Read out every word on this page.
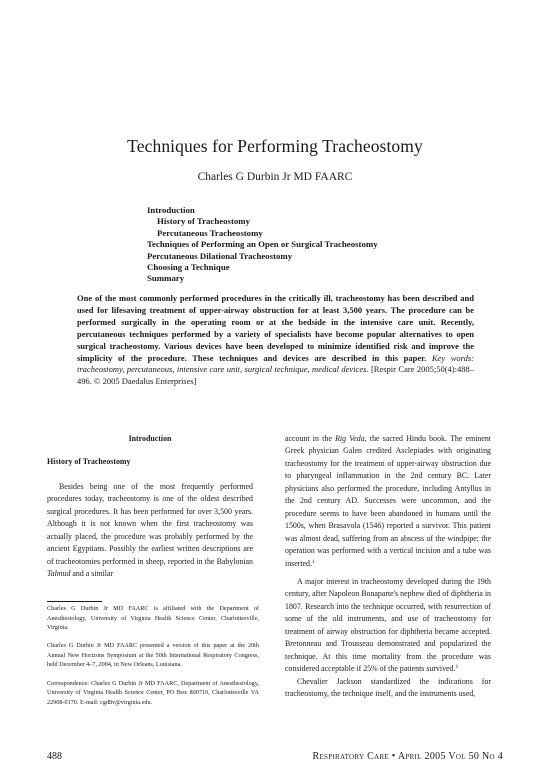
Techniques for Performing Tracheostomy
Charles G Durbin Jr MD FAARC
Introduction
History of Tracheostomy
Percutaneous Tracheostomy
Techniques of Performing an Open or Surgical Tracheostomy
Percutaneous Dilational Tracheostomy
Choosing a Technique
Summary
One of the most commonly performed procedures in the critically ill, tracheostomy has been described and used for lifesaving treatment of upper-airway obstruction for at least 3,500 years. The procedure can be performed surgically in the operating room or at the bedside in the intensive care unit. Recently, percutaneous techniques performed by a variety of specialists have become popular alternatives to open surgical tracheostomy. Various devices have been developed to minimize identified risk and improve the simplicity of the procedure. These techniques and devices are described in this paper. Key words: tracheostomy, percutaneous, intensive care unit, surgical technique, medical devices. [Respir Care 2005;50(4):488–496. © 2005 Daedalus Enterprises]
Introduction
History of Tracheostomy

Besides being one of the most frequently performed procedures today, tracheostomy is one of the oldest described surgical procedures. It has been performed for over 3,500 years. Although it is not known when the first tracheostomy was actually placed, the procedure was probably performed by the ancient Egyptians. Possibly the earliest written descriptions are of tracheotomies performed in sheep, reported in the Babylonian Talmud and a similar

account in the Rig Veda, the sacred Hindu book. The eminent Greek physician Galen credited Asclepiades with originating tracheostomy for the treatment of upper-airway obstruction due to pharyngeal inflammation in the 2nd century BC. Later physicians also performed the procedure, including Antyllus in the 2nd century AD. Successes were uncommon, and the procedure seems to have been abandoned in humans until the 1500s, when Brasavola (1546) reported a survivor. This patient was almost dead, suffering from an abscess of the windpipe; the operation was performed with a vertical incision and a tube was inserted.$^1$

A major interest in tracheostomy developed during the 19th century, after Napoleon Bonaparte's nephew died of diphtheria in 1807. Research into the technique occurred, with resurrection of some of the old instruments, and use of tracheostomy for treatment of airway obstruction for diphtheria became accepted. Bretonneau and Trousseau demonstrated and popularized the technique. At this time mortality from the procedure was considered acceptable if 25% of the patients survived.$^1$

Chevalier Jackson standardized the indications for tracheostomy, the technique itself, and the instruments used,

Charles G Durbin Jr MD FAARC is affiliated with the Department of Anesthesiology, University of Virginia Health Science Center, Charlottesville, Virginia.

Charles G Durbin Jr MD FAARC presented a version of this paper at the 20th Annual New Horizons Symposium at the 50th International Respiratory Congress, held December 4–7, 2004, in New Orleans, Louisiana.

Correspondence: Charles G Durbin Jr MD FAARC, Department of Anesthesiology, University of Virginia Health Science Center, PO Box 800710, Charlottesville VA 22908-0170. E-mail: cgd8v@virginia.edu.

488	Respiratory Care • April 2005 Vol 50 No 4
